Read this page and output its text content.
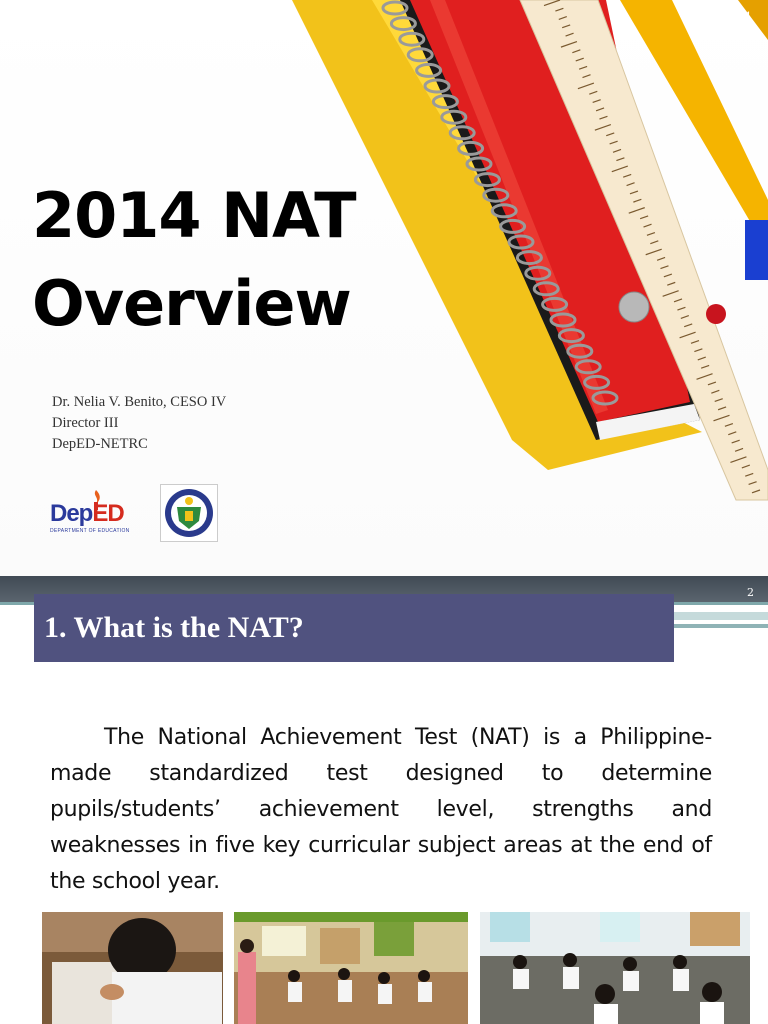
1
2014 NAT
Overview
Dr. Nelia V. Benito, CESO IV
Director III
DepED-NETRC
DepED
DEPARTMENT OF EDUCATION
2
1. What is the NAT?

The National Achievement Test (NAT) is a Philippine-made standardized test designed to determine pupils/students’ achievement level, strengths and weaknesses in five key curricular subject areas at the end of the school year.
